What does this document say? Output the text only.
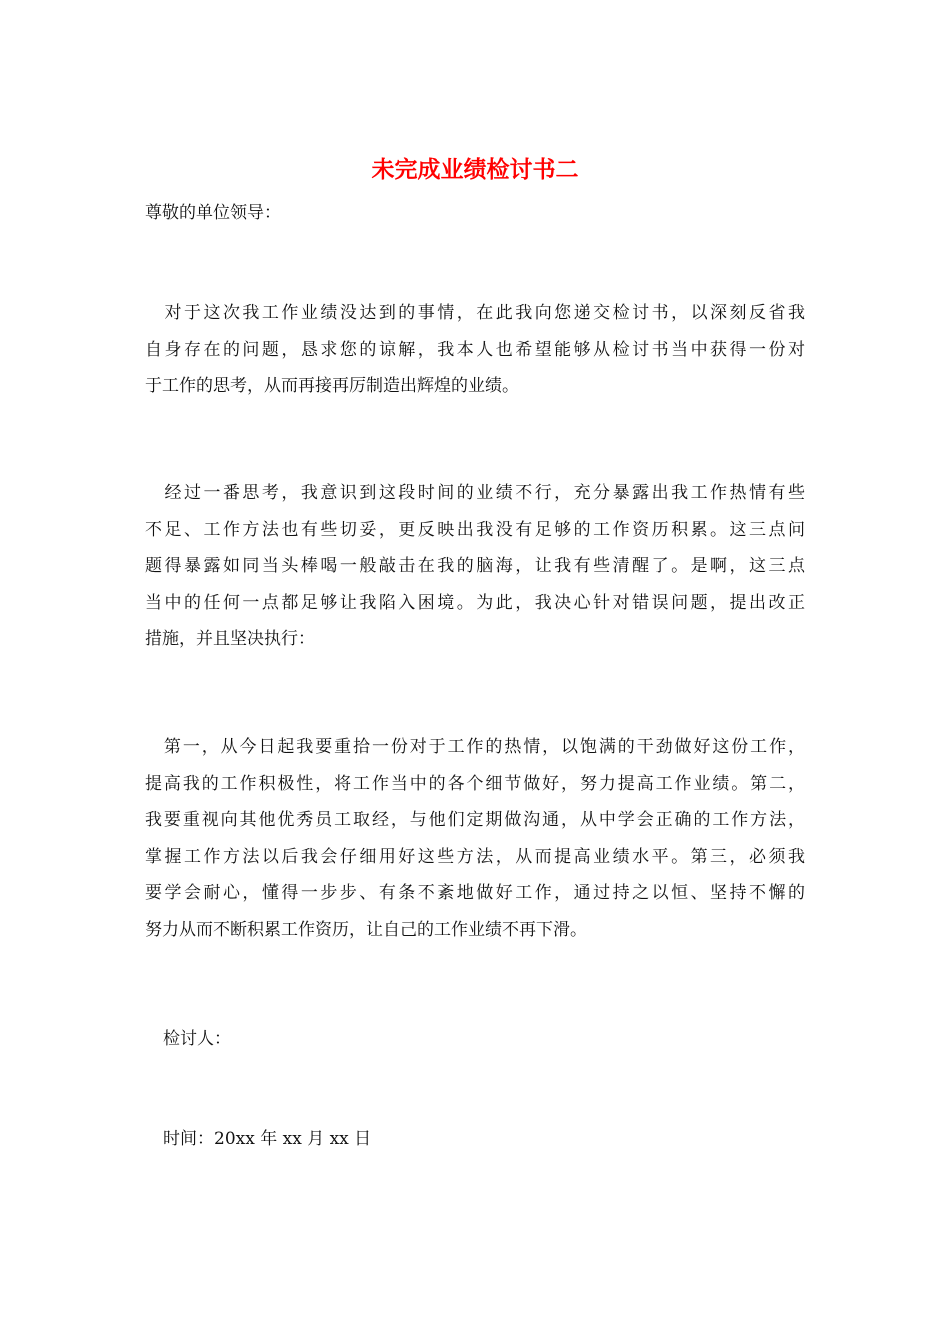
未完成业绩检讨书二
尊敬的单位领导：
　对于这次我工作业绩没达到的事情，在此我向您递交检讨书，以深刻反省我
自身存在的问题，恳求您的谅解，我本人也希望能够从检讨书当中获得一份对
于工作的思考，从而再接再厉制造出辉煌的业绩。
　经过一番思考，我意识到这段时间的业绩不行，充分暴露出我工作热情有些
不足、工作方法也有些切妥，更反映出我没有足够的工作资历积累。这三点问
题得暴露如同当头棒喝一般敲击在我的脑海，让我有些清醒了。是啊，这三点
当中的任何一点都足够让我陷入困境。为此，我决心针对错误问题，提出改正
措施，并且坚决执行：
　第一，从今日起我要重拾一份对于工作的热情，以饱满的干劲做好这份工作，
提高我的工作积极性，将工作当中的各个细节做好，努力提高工作业绩。第二，
我要重视向其他优秀员工取经，与他们定期做沟通，从中学会正确的工作方法，
掌握工作方法以后我会仔细用好这些方法，从而提高业绩水平。第三，必须我
要学会耐心，懂得一步步、有条不紊地做好工作，通过持之以恒、坚持不懈的
努力从而不断积累工作资历，让自己的工作业绩不再下滑。
检讨人：
时间：20xx 年 xx 月 xx 日
